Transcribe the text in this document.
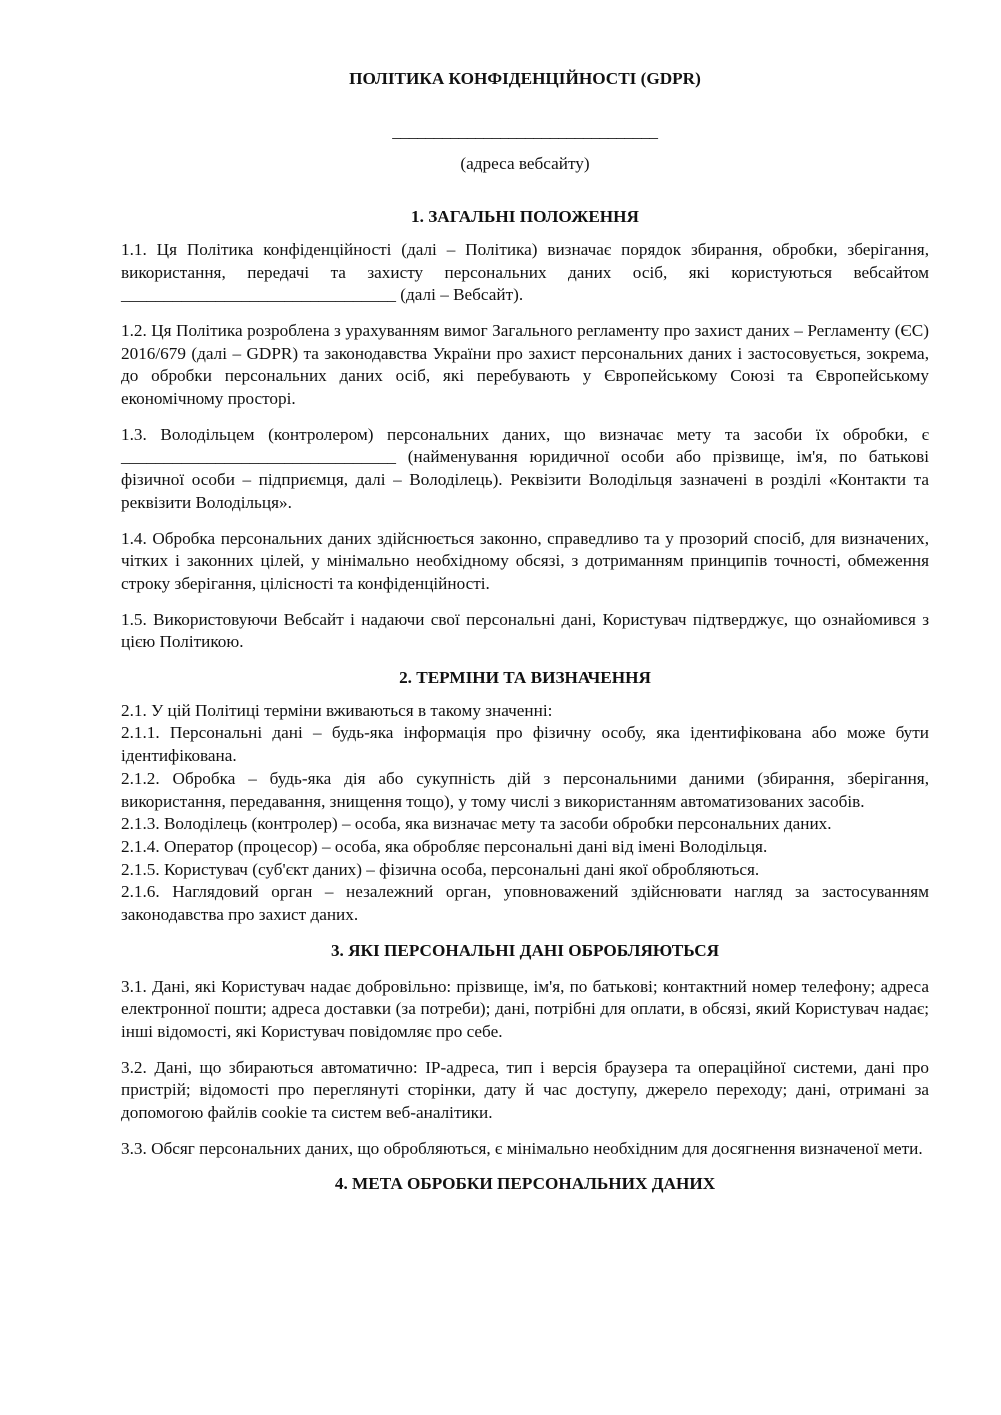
ПОЛІТИКА КОНФІДЕНЦІЙНОСТІ (GDPR)

________________________________
(адреса вебсайту)
1. ЗАГАЛЬНІ ПОЛОЖЕННЯ

1.1. Ця Політика конфіденційності (далі – Політика) визначає порядок збирання, обробки, зберігання, використання, передачі та захисту персональних даних осіб, які користуються вебсайтом ________________________________ (далі – Вебсайт).

1.2. Ця Політика розроблена з урахуванням вимог Загального регламенту про захист даних – Регламенту (ЄС) 2016/679 (далі – GDPR) та законодавства України про захист персональних даних і застосовується, зокрема, до обробки персональних даних осіб, які перебувають у Європейському Союзі та Європейському економічному просторі.

1.3. Володільцем (контролером) персональних даних, що визначає мету та засоби їх обробки, є ________________________________ (найменування юридичної особи або прізвище, ім'я, по батькові фізичної особи – підприємця, далі – Володілець). Реквізити Володільця зазначені в розділі «Контакти та реквізити Володільця».

1.4. Обробка персональних даних здійснюється законно, справедливо та у прозорий спосіб, для визначених, чітких і законних цілей, у мінімально необхідному обсязі, з дотриманням принципів точності, обмеження строку зберігання, цілісності та конфіденційності.

1.5. Використовуючи Вебсайт і надаючи свої персональні дані, Користувач підтверджує, що ознайомився з цією Політикою.

2. ТЕРМІНИ ТА ВИЗНАЧЕННЯ

2.1. У цій Політиці терміни вживаються в такому значенні:

2.1.1. Персональні дані – будь-яка інформація про фізичну особу, яка ідентифікована або може бути ідентифікована.

2.1.2. Обробка – будь-яка дія або сукупність дій з персональними даними (збирання, зберігання, використання, передавання, знищення тощо), у тому числі з використанням автоматизованих засобів.

2.1.3. Володілець (контролер) – особа, яка визначає мету та засоби обробки персональних даних.

2.1.4. Оператор (процесор) – особа, яка обробляє персональні дані від імені Володільця.

2.1.5. Користувач (суб'єкт даних) – фізична особа, персональні дані якої обробляються.

2.1.6. Наглядовий орган – незалежний орган, уповноважений здійснювати нагляд за застосуванням законодавства про захист даних.

3. ЯКІ ПЕРСОНАЛЬНІ ДАНІ ОБРОБЛЯЮТЬСЯ

3.1. Дані, які Користувач надає добровільно: прізвище, ім'я, по батькові; контактний номер телефону; адреса електронної пошти; адреса доставки (за потреби); дані, потрібні для оплати, в обсязі, який Користувач надає; інші відомості, які Користувач повідомляє про себе.

3.2. Дані, що збираються автоматично: IP-адреса, тип і версія браузера та операційної системи, дані про пристрій; відомості про переглянуті сторінки, дату й час доступу, джерело переходу; дані, отримані за допомогою файлів cookie та систем веб-аналітики.

3.3. Обсяг персональних даних, що обробляються, є мінімально необхідним для досягнення визначеної мети.

4. МЕТА ОБРОБКИ ПЕРСОНАЛЬНИХ ДАНИХ
